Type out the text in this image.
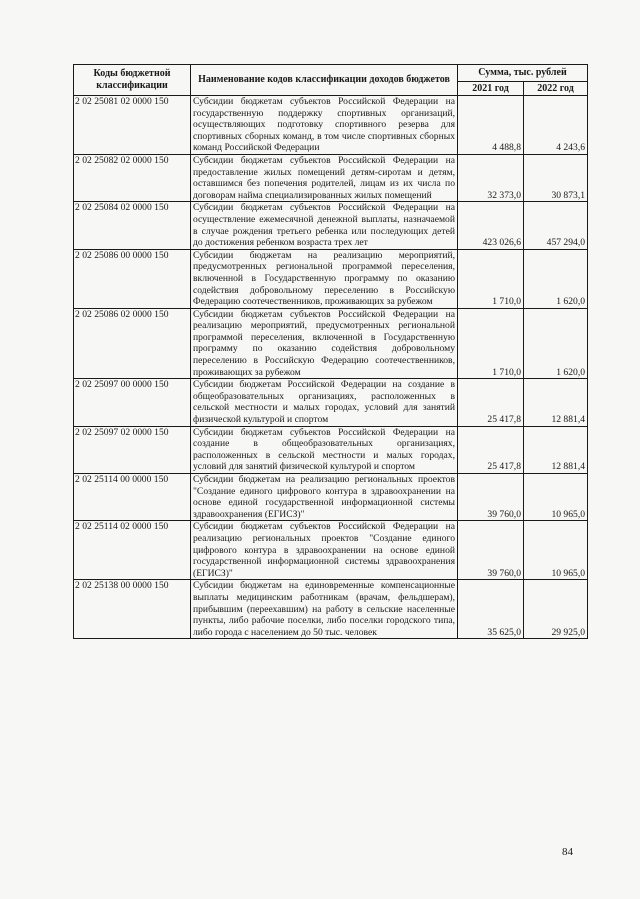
Коды бюджетной классификации	Наименование кодов классификации доходов бюджетов	Сумма, тыс. рублей	
		2021 год	2022 год
2 02 25081 02 0000 150	Субсидии бюджетам субъектов Российской Федерации на государственную поддержку спортивных организаций, осуществляющих подготовку спортивного резерва для спортивных сборных команд, в том числе спортивных сборных команд Российской Федерации	4 488,8	4 243,6
2 02 25082 02 0000 150	Субсидии бюджетам субъектов Российской Федерации на предоставление жилых помещений детям-сиротам и детям, оставшимся без попечения родителей, лицам из их числа по договорам найма специализированных жилых помещений	32 373,0	30 873,1
2 02 25084 02 0000 150	Субсидии бюджетам субъектов Российской Федерации на осуществление ежемесячной денежной выплаты, назначаемой в случае рождения третьего ребенка или последующих детей до достижения ребенком возраста трех лет	423 026,6	457 294,0
2 02 25086 00 0000 150	Субсидии бюджетам на реализацию мероприятий, предусмотренных региональной программой переселения, включенной в Государственную программу по оказанию содействия добровольному переселению в Российскую Федерацию соотечественников, проживающих за рубежом	1 710,0	1 620,0
2 02 25086 02 0000 150	Субсидии бюджетам субъектов Российской Федерации на реализацию мероприятий, предусмотренных региональной программой переселения, включенной в Государственную программу по оказанию содействия добровольному переселению в Российскую Федерацию соотечественников, проживающих за рубежом	1 710,0	1 620,0
2 02 25097 00 0000 150	Субсидии бюджетам Российской Федерации на создание в общеобразовательных организациях, расположенных в сельской местности и малых городах, условий для занятий физической культурой и спортом	25 417,8	12 881,4
2 02 25097 02 0000 150	Субсидии бюджетам субъектов Российской Федерации на создание в общеобразовательных организациях, расположенных в сельской местности и малых городах, условий для занятий физической культурой и спортом	25 417,8	12 881,4
2 02 25114 00 0000 150	Субсидии бюджетам на реализацию региональных проектов "Создание единого цифрового контура в здравоохранении на основе единой государственной информационной системы здравоохранения (ЕГИСЗ)"	39 760,0	10 965,0
2 02 25114 02 0000 150	Субсидии бюджетам субъектов Российской Федерации на реализацию региональных проектов "Создание единого цифрового контура в здравоохранении на основе единой государственной информационной системы здравоохранения (ЕГИСЗ)"	39 760,0	10 965,0
2 02 25138 00 0000 150	Субсидии бюджетам на единовременные компенсационные выплаты медицинским работникам (врачам, фельдшерам), прибывшим (переехавшим) на работу в сельские населенные пункты, либо рабочие поселки, либо поселки городского типа, либо города с населением до 50 тыс. человек	35 625,0	29 925,0
84
